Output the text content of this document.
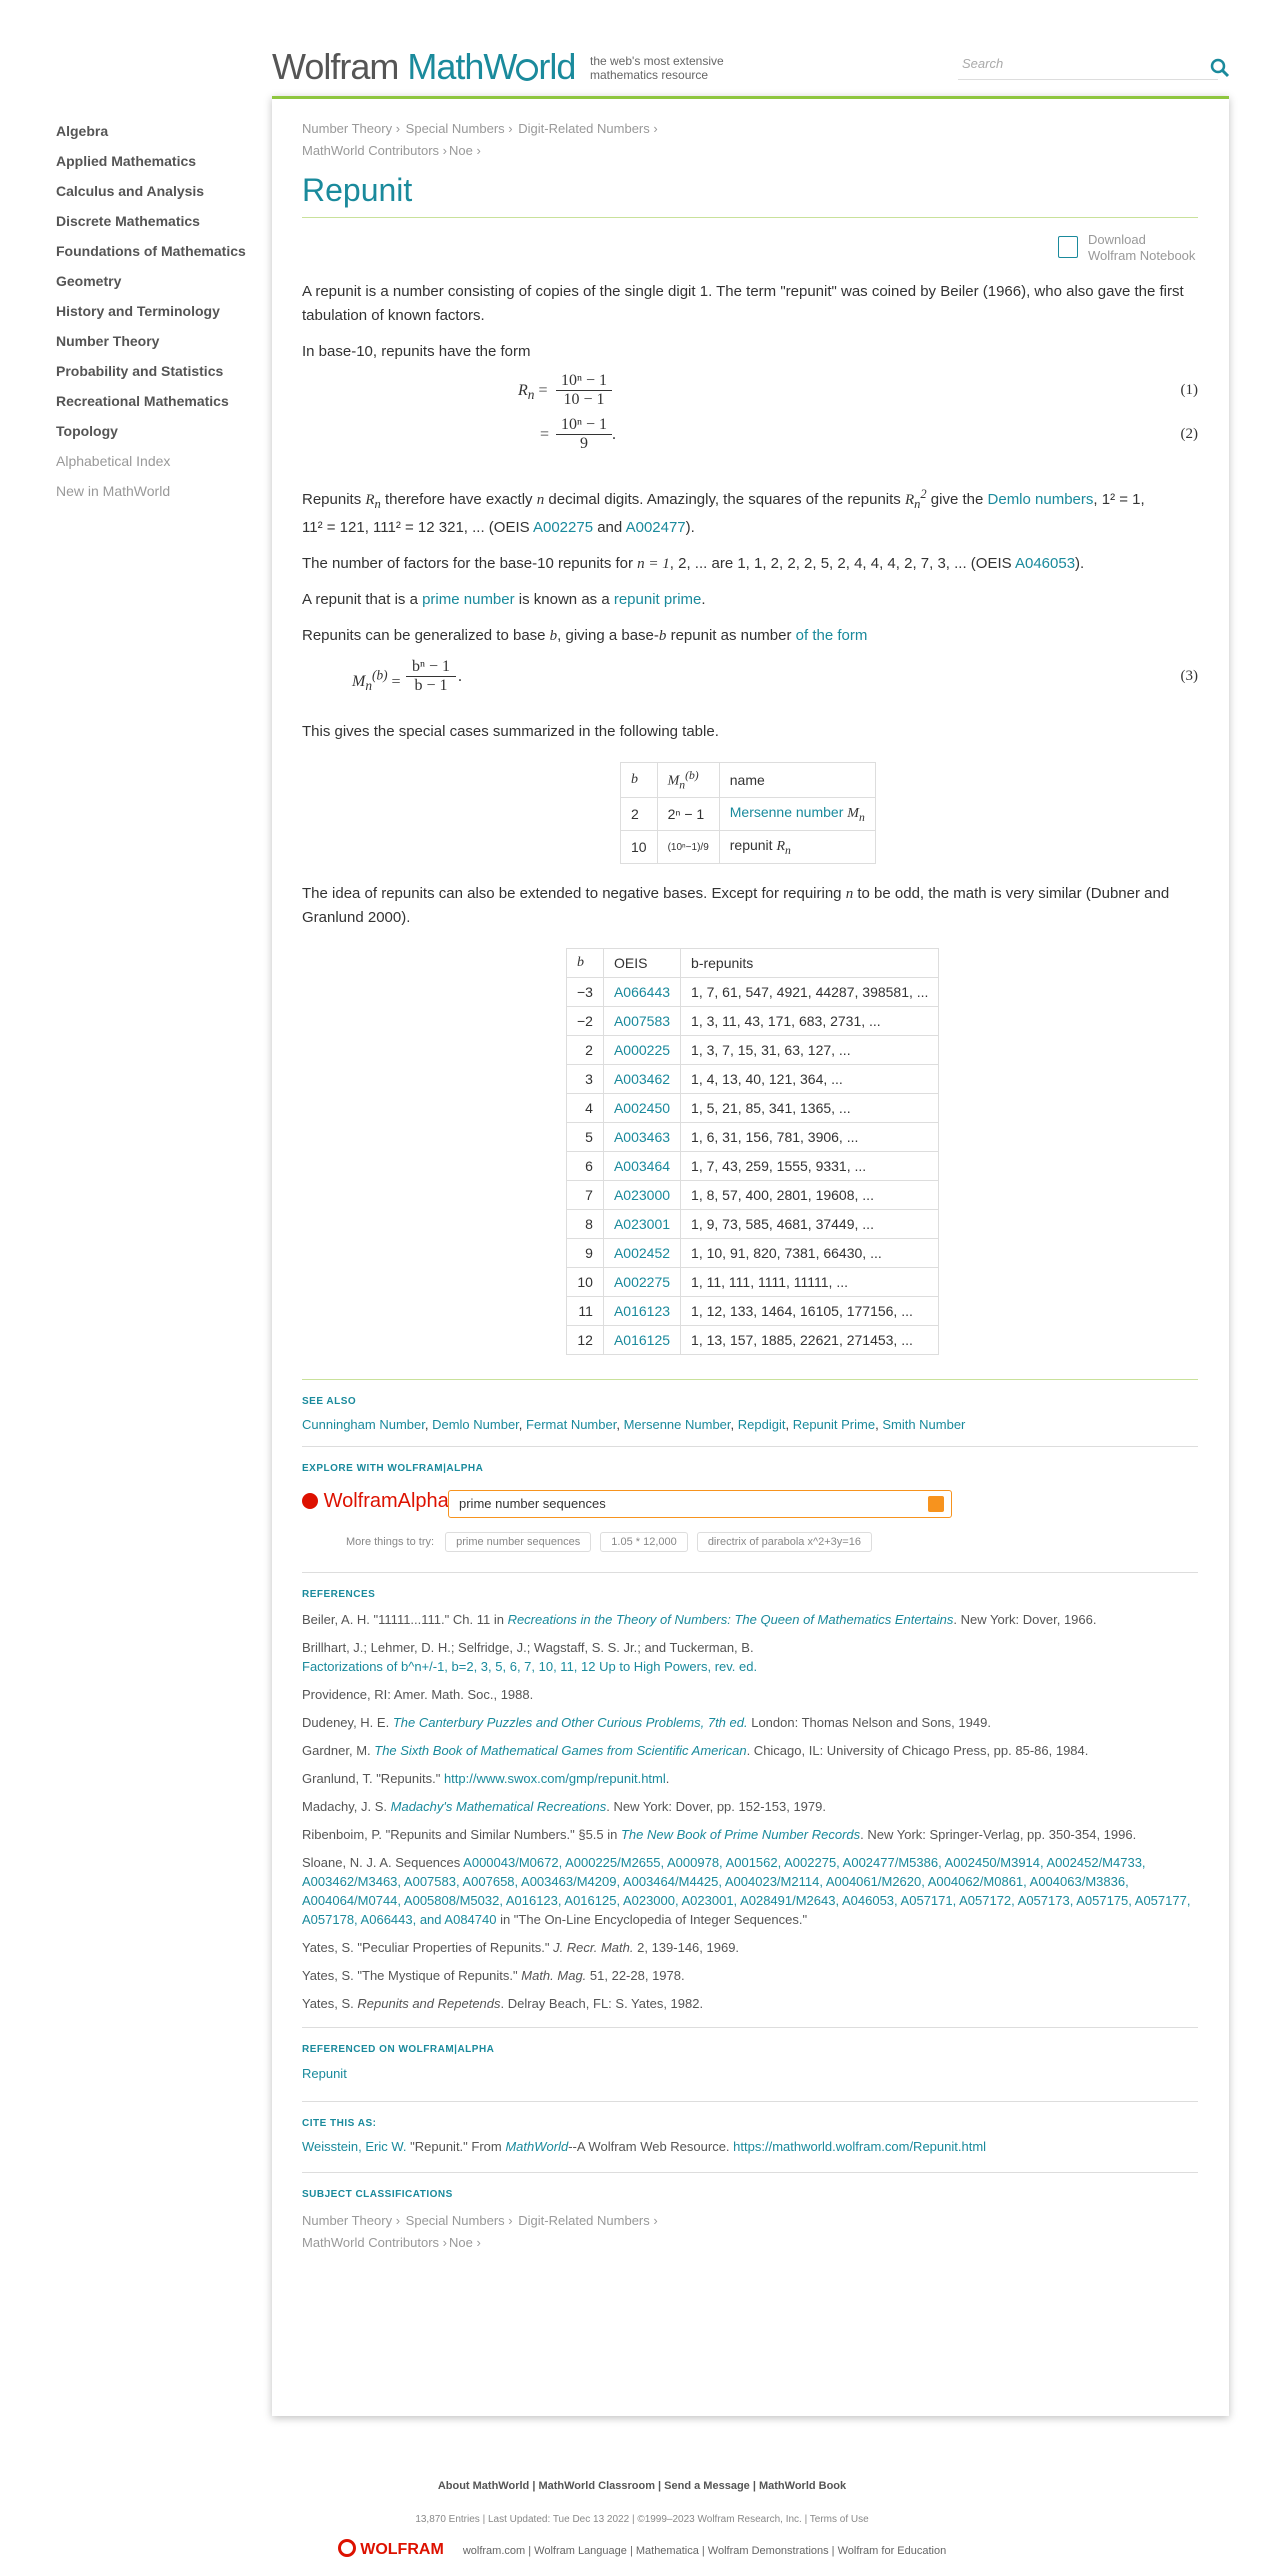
Wolfram MathW rld the web's most extensive
mathematics resource
Search
Algebra
Applied Mathematics
Calculus and Analysis
Discrete Mathematics
Foundations of Mathematics
Geometry
History and Terminology
Number Theory
Probability and Statistics
Recreational Mathematics
Topology
Alphabetical Index
New in MathWorld
Number Theory › Special Numbers › Digit-Related Numbers ›
MathWorld Contributors › Noe ›
Repunit
Download
Wolfram Notebook

A repunit is a number consisting of copies of the single digit 1. The term "repunit" was coined by Beiler (1966), who also gave the first tabulation of known factors.

In base-10, repunits have the form

$R_n$ =
10ⁿ − 1
10 − 1
=
10ⁿ − 1
9
.
(1)
(2)

Repunits $R_n$ therefore have exactly n decimal digits. Amazingly, the squares of the repunits $R_n^2$ give the Demlo numbers, 1² = 1,
11² = 121, 111² = 12 321, ... (OEIS A002275 and A002477).

The number of factors for the base-10 repunits for n = 1, 2, ... are 1, 1, 2, 2, 2, 5, 2, 4, 4, 4, 2, 7, 3, ... (OEIS A046053).

A repunit that is a prime number is known as a repunit prime.

Repunits can be generalized to base b, giving a base-b repunit as number of the form

$M_n^{(b)}$ =
bⁿ − 1
b − 1
.	(3)

This gives the special cases summarized in the following table.

b	$M_n^{(b)}$	name
2	2ⁿ − 1	Mersenne number $M_n$
10	(10ⁿ−1)/9	repunit $R_n$

The idea of repunits can also be extended to negative bases. Except for requiring n to be odd, the math is very similar (Dubner and Granlund 2000).

b	OEIS	b-repunits
−3	A066443	1, 7, 61, 547, 4921, 44287, 398581, ...
−2	A007583	1, 3, 11, 43, 171, 683, 2731, ...
2	A000225	1, 3, 7, 15, 31, 63, 127, ...
3	A003462	1, 4, 13, 40, 121, 364, ...
4	A002450	1, 5, 21, 85, 341, 1365, ...
5	A003463	1, 6, 31, 156, 781, 3906, ...
6	A003464	1, 7, 43, 259, 1555, 9331, ...
7	A023000	1, 8, 57, 400, 2801, 19608, ...
8	A023001	1, 9, 73, 585, 4681, 37449, ...
9	A002452	1, 10, 91, 820, 7381, 66430, ...
10	A002275	1, 11, 111, 1111, 11111, ...
11	A016123	1, 12, 133, 1464, 16105, 177156, ...
12	A016125	1, 13, 157, 1885, 22621, 271453, ...
SEE ALSO
Cunningham Number, Demlo Number, Fermat Number, Mersenne Number, Repdigit, Repunit Prime, Smith Number
EXPLORE WITH WOLFRAM|ALPHA
WolframAlpha prime number sequences
More things to try: prime number sequences	1.05 * 12,000	directrix of parabola x^2+3y=16
REFERENCES
Beiler, A. H. "11111...111." Ch. 11 in Recreations in the Theory of Numbers: The Queen of Mathematics Entertains. New York: Dover, 1966.
Brillhart, J.; Lehmer, D. H.; Selfridge, J.; Wagstaff, S. S. Jr.; and Tuckerman, B.
Factorizations of b^n+/-1, b=2, 3, 5, 6, 7, 10, 11, 12 Up to High Powers, rev. ed.
Providence, RI: Amer. Math. Soc., 1988.
Dudeney, H. E. The Canterbury Puzzles and Other Curious Problems, 7th ed. London: Thomas Nelson and Sons, 1949.
Gardner, M. The Sixth Book of Mathematical Games from Scientific American. Chicago, IL: University of Chicago Press, pp. 85-86, 1984.
Granlund, T. "Repunits." http://www.swox.com/gmp/repunit.html.
Madachy, J. S. Madachy's Mathematical Recreations. New York: Dover, pp. 152-153, 1979.
Ribenboim, P. "Repunits and Similar Numbers." §5.5 in The New Book of Prime Number Records. New York: Springer-Verlag, pp. 350-354, 1996.
Sloane, N. J. A. Sequences A000043/M0672, A000225/M2655, A000978, A001562, A002275, A002477/M5386, A002450/M3914, A002452/M4733, A003462/M3463, A007583, A007658, A003463/M4209, A003464/M4425, A004023/M2114, A004061/M2620, A004062/M0861, A004063/M3836, A004064/M0744, A005808/M5032, A016123, A016125, A023000, A023001, A028491/M2643, A046053, A057171, A057172, A057173, A057175, A057177, A057178, A066443, and A084740 in "The On-Line Encyclopedia of Integer Sequences."
Yates, S. "Peculiar Properties of Repunits." J. Recr. Math. 2, 139-146, 1969.
Yates, S. "The Mystique of Repunits." Math. Mag. 51, 22-28, 1978.
Yates, S. Repunits and Repetends. Delray Beach, FL: S. Yates, 1982.
REFERENCED ON WOLFRAM|ALPHA
Repunit
CITE THIS AS:
Weisstein, Eric W. "Repunit." From MathWorld--A Wolfram Web Resource. https://mathworld.wolfram.com/Repunit.html
SUBJECT CLASSIFICATIONS
Number Theory › Special Numbers › Digit-Related Numbers ›
MathWorld Contributors › Noe ›
About MathWorld | MathWorld Classroom | Send a Message | MathWorld Book
13,870 Entries | Last Updated: Tue Dec 13 2022 | ©1999–2023 Wolfram Research, Inc. | Terms of Use
WOLFRAM wolfram.com | Wolfram Language | Mathematica | Wolfram Demonstrations | Wolfram for Education
